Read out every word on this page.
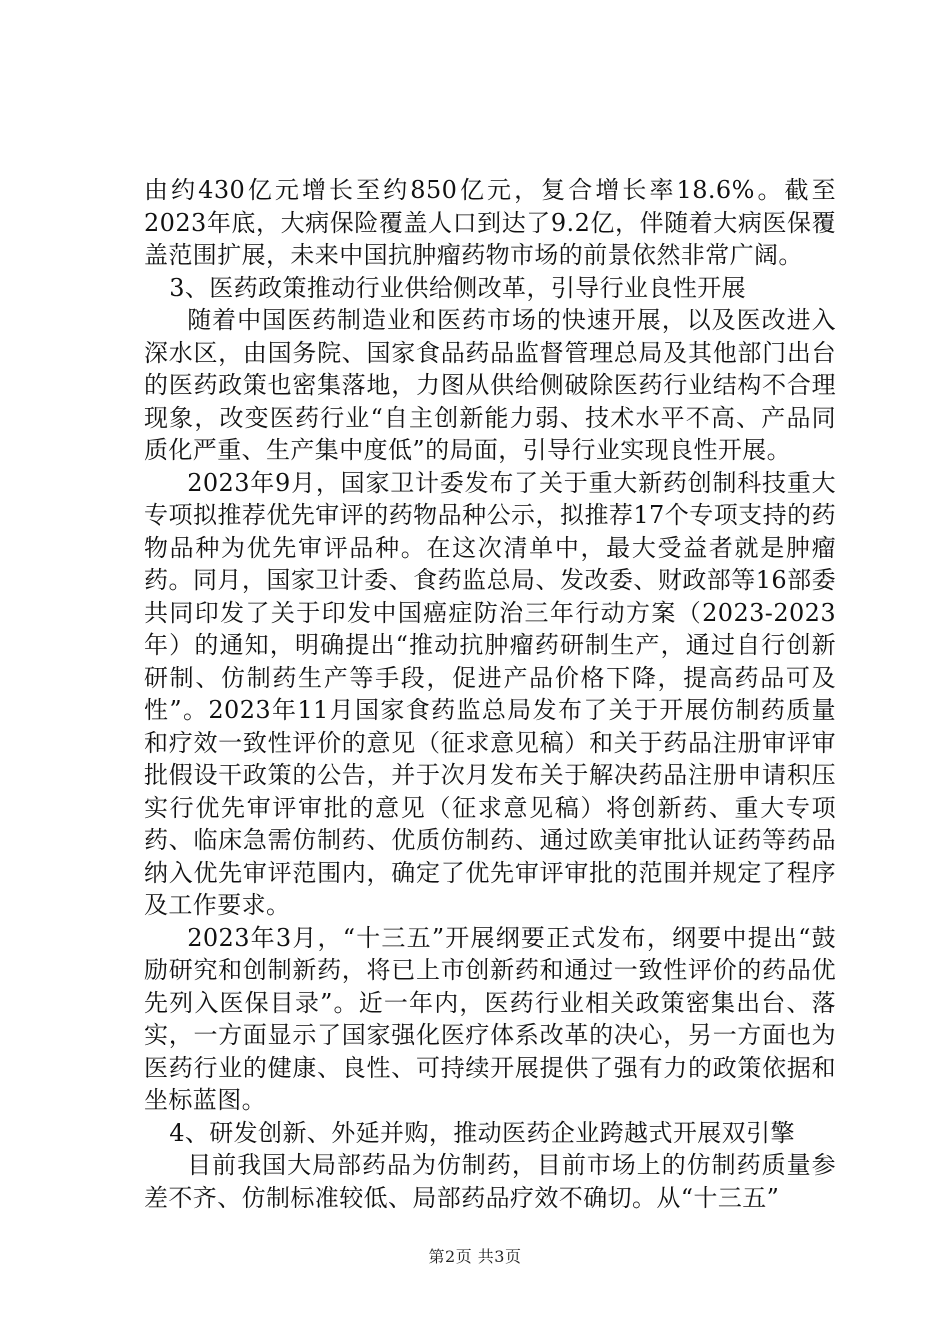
由约430亿元增长至约850亿元，复合增长率18.6%。截至2023年底，大病保险覆盖人口到达了9.2亿，伴随着大病医保覆盖范围扩展，未来中国抗肿瘤药物市场的前景依然非常广阔。

3、医药政策推动行业供给侧改革，引导行业良性开展

随着中国医药制造业和医药市场的快速开展，以及医改进入深水区，由国务院、国家食品药品监督管理总局及其他部门出台的医药政策也密集落地，力图从供给侧破除医药行业结构不合理现象，改变医药行业“自主创新能力弱、技术水平不高、产品同质化严重、生产集中度低”的局面，引导行业实现良性开展。

2023年9月，国家卫计委发布了关于重大新药创制科技重大专项拟推荐优先审评的药物品种公示，拟推荐17个专项支持的药物品种为优先审评品种。在这次清单中，最大受益者就是肿瘤药。同月，国家卫计委、食药监总局、发改委、财政部等16部委共同印发了关于印发中国癌症防治三年行动方案（2023-2023年）的通知，明确提出“推动抗肿瘤药研制生产，通过自行创新研制、仿制药生产等手段，促进产品价格下降，提高药品可及性”。2023年11月国家食药监总局发布了关于开展仿制药质量和疗效一致性评价的意见（征求意见稿）和关于药品注册审评审批假设干政策的公告，并于次月发布关于解决药品注册申请积压实行优先审评审批的意见（征求意见稿）将创新药、重大专项药、临床急需仿制药、优质仿制药、通过欧美审批认证药等药品纳入优先审评范围内，确定了优先审评审批的范围并规定了程序及工作要求。

2023年3月，“十三五”开展纲要正式发布，纲要中提出“鼓励研究和创制新药，将已上市创新药和通过一致性评价的药品优先列入医保目录”。近一年内，医药行业相关政策密集出台、落实，一方面显示了国家强化医疗体系改革的决心，另一方面也为医药行业的健康、良性、可持续开展提供了强有力的政策依据和坐标蓝图。

4、研发创新、外延并购，推动医药企业跨越式开展双引擎

目前我国大局部药品为仿制药，目前市场上的仿制药质量参差不齐、仿制标准较低、局部药品疗效不确切。从“十三五”

第2页 共3页
